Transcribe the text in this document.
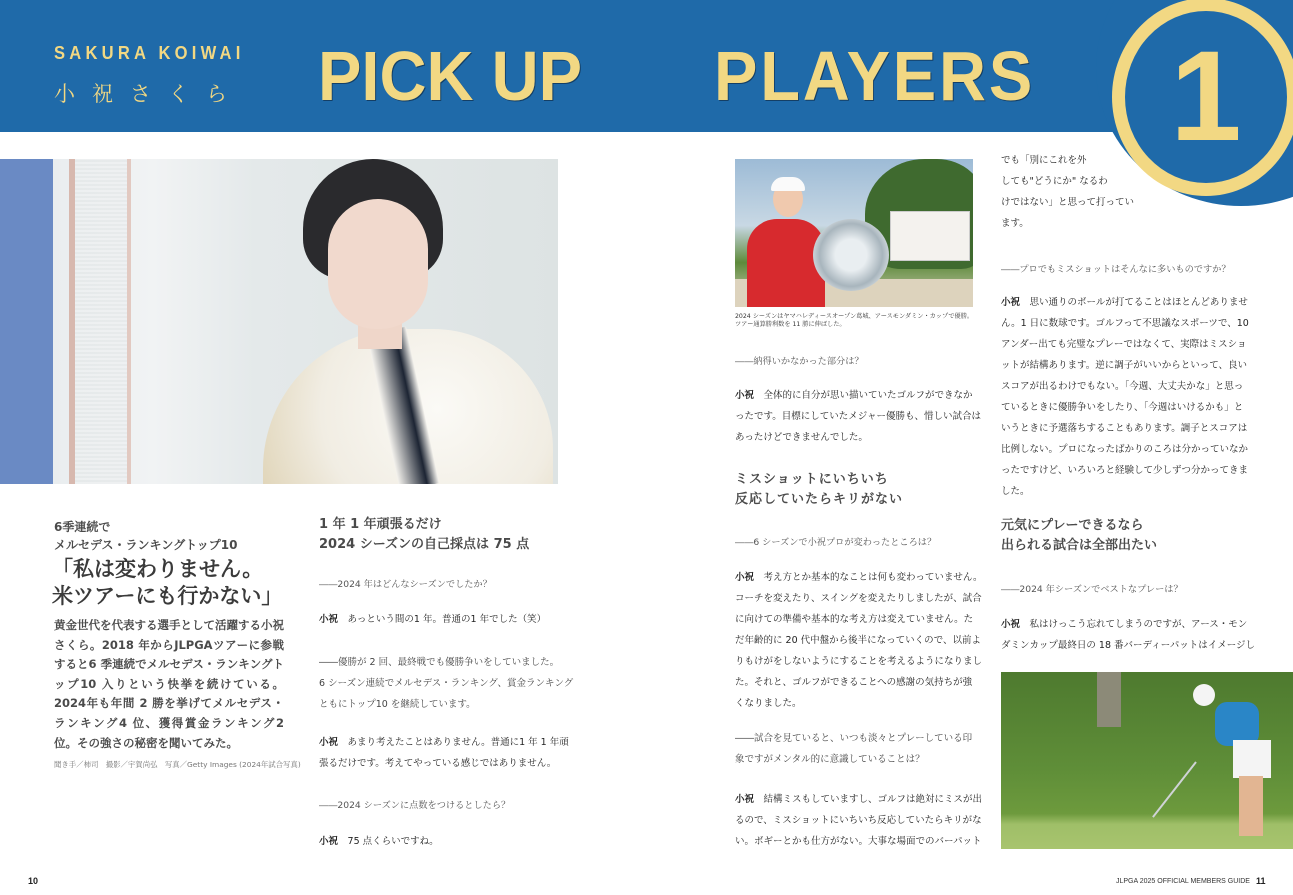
1
SAKURA KOIWAI
小祝さくら PICK UP PLAYERS
6季連続で
メルセデス・ランキングトップ10
「私は変わりません。
米ツアーにも行かない」
黄金世代を代表する選手として活躍する小祝さくら。2018 年からJLPGAツアーに参戦すると6 季連続でメルセデス・ランキングトップ10 入りという快挙を続けている。2024年も年間 2 勝を挙げてメルセデス・ランキング4 位、獲得賞金ランキング2 位。その強さの秘密を聞いてみた。
聞き手／柿司　撮影／宇賀尚弘　写真／Getty Images (2024年試合写真)
1 年 1 年頑張るだけ
2024 シーズンの自己採点は 75 点
――2024 年はどんなシーズンでしたか？
小祝　 あっという間の1 年。普通の1 年でした（笑）
――優勝が 2 回、最終戦でも優勝争いをしていました。
6 シーズン連続でメルセデス・ランキング、賞金ランキング
ともにトップ10 を継続しています。
小祝　 あまり考えたことはありません。普通に1 年 1 年頑
張るだけです。考えてやっている感じではありません。
――2024 シーズンに点数をつけるとしたら？
小祝　 75 点くらいですね。
2024 シーズンはヤマハレディースオープン葛城、アースモンダミン・カップで優勝。ツアー通算勝利数を 11 勝に伸ばした。
――納得いかなかった部分は？
小祝　 全体的に自分が思い描いていたゴルフができなか
ったです。目標にしていたメジャー優勝も、惜しい試合は
あったけどできませんでした。
ミスショットにいちいち
反応していたらキリがない
――6 シーズンで小祝プロが変わったところは？
小祝　 考え方とか基本的なことは何も変わっていません。
コーチを変えたり、スイングを変えたりしましたが、試合
に向けての準備や基本的な考え方は変えていません。た
だ年齢的に 20 代中盤から後半になっていくので、以前よ
りもけがをしないようにすることを考えるようになりまし
た。それと、ゴルフができることへの感謝の気持ちが強
くなりました。
――試合を見ていると、いつも淡々とプレーしている印
象ですがメンタル的に意識していることは？
小祝　 結構ミスもしていますし、ゴルフは絶対にミスが出
るので、ミスショットにいちいち反応していたらキリがな
い。ボギーとかも仕方がない。大事な場面でのバーパット
でも「別にこれを外
しても"どうにか" なるわ
けではない」と思って打ってい
ます。
――プロでもミスショットはそんなに多いものですか？
小祝　 思い通りのボールが打てることはほとんどありませ
ん。1 日に数球です。ゴルフって不思議なスポーツで、10
アンダー出ても完璧なプレーではなくて、実際はミスショ
ットが結構あります。逆に調子がいいからといって、良い
スコアが出るわけでもない。「今週、大丈夫かな」と思っ
ているときに優勝争いをしたり、「今週はいけるかも」と
いうときに予選落ちすることもあります。調子とスコアは
比例しない。プロになったばかりのころは分かっていなか
ったですけど、いろいろと経験して少しずつ分かってきま
した。
元気にプレーできるなら
出られる試合は全部出たい
――2024 年シーズンでベストなプレーは？
小祝　 私はけっこう忘れてしまうのですが、アース・モン
ダミンカップ最終日の 18 番バーディーパットはイメージし
10	JLPGA 2025 OFFICIAL MEMBERS GUIDE 11
